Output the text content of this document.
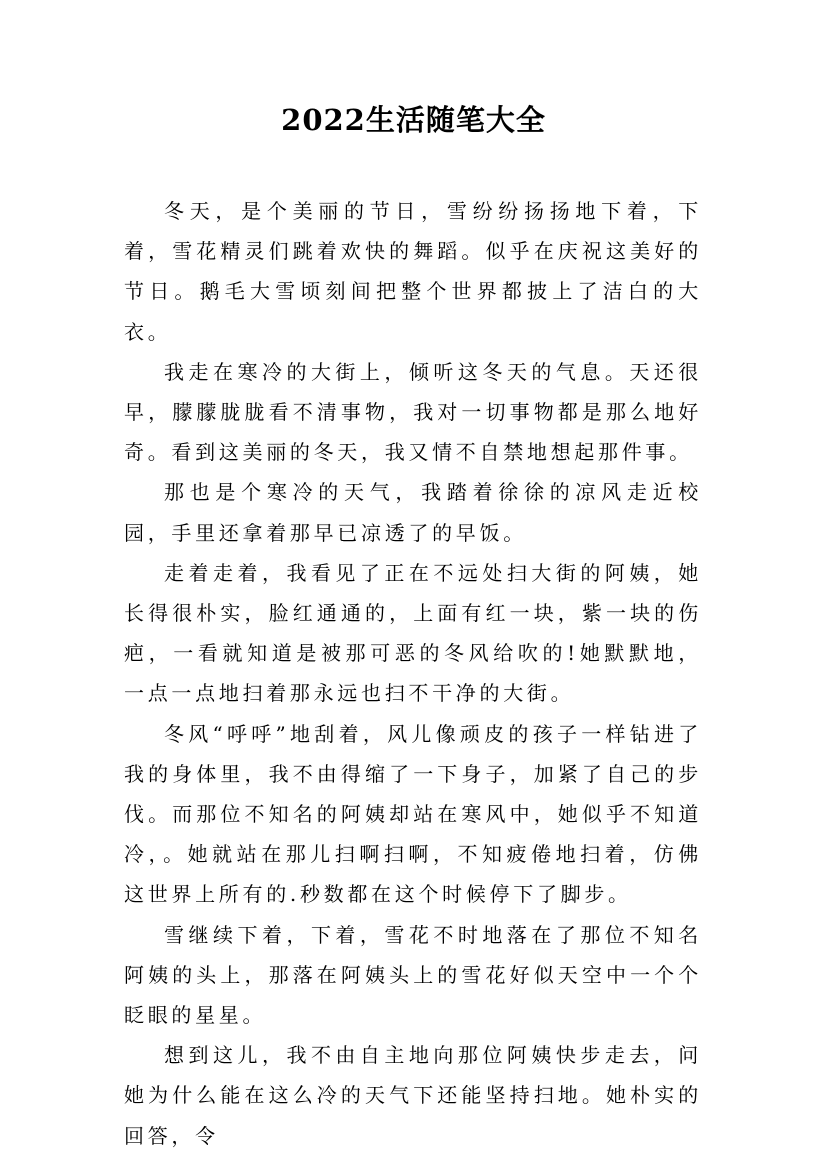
2022生活随笔大全

冬天，是个美丽的节日，雪纷纷扬扬地下着，下着，雪花精灵们跳着欢快的舞蹈。似乎在庆祝这美好的节日。鹅毛大雪顷刻间把整个世界都披上了洁白的大衣。

我走在寒冷的大街上，倾听这冬天的气息。天还很早，朦朦胧胧看不清事物，我对一切事物都是那么地好奇。看到这美丽的冬天，我又情不自禁地想起那件事。

那也是个寒冷的天气，我踏着徐徐的凉风走近校园，手里还拿着那早已凉透了的早饭。

走着走着，我看见了正在不远处扫大街的阿姨，她长得很朴实，脸红通通的，上面有红一块，紫一块的伤疤，一看就知道是被那可恶的冬风给吹的!她默默地，一点一点地扫着那永远也扫不干净的大街。

冬风“呼呼”地刮着，风儿像顽皮的孩子一样钻进了我的身体里，我不由得缩了一下身子，加紧了自己的步伐。而那位不知名的阿姨却站在寒风中，她似乎不知道冷，。她就站在那儿扫啊扫啊，不知疲倦地扫着，仿佛这世界上所有的.秒数都在这个时候停下了脚步。

雪继续下着，下着，雪花不时地落在了那位不知名阿姨的头上，那落在阿姨头上的雪花好似天空中一个个眨眼的星星。

想到这儿，我不由自主地向那位阿姨快步走去，问她为什么能在这么冷的天气下还能坚持扫地。她朴实的回答，令
